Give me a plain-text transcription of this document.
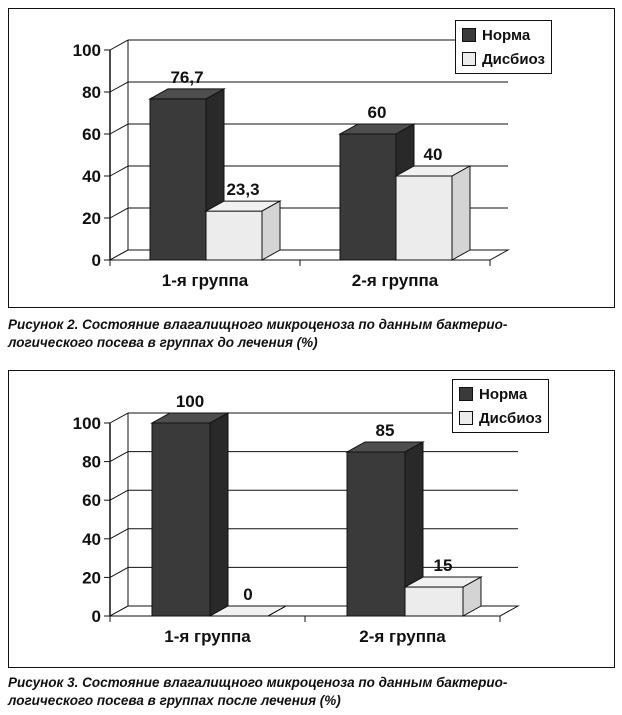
0
20
40
60
80
100
76,7
23,3
1-я группа
60
40
2-я группа
Норма
Дисбиоз
Рисунок 2. Состояние влагалищного микроценоза по данным бактерио-
логического посева в группах до лечения (%)
0
20
40
60
80
100
100
0
1-я группа
85
15
2-я группа
Рисунок 3. Состояние влагалищного микроценоза по данным бактерио-
логического посева в группах после лечения (%)
Норма
Дисбиоз
